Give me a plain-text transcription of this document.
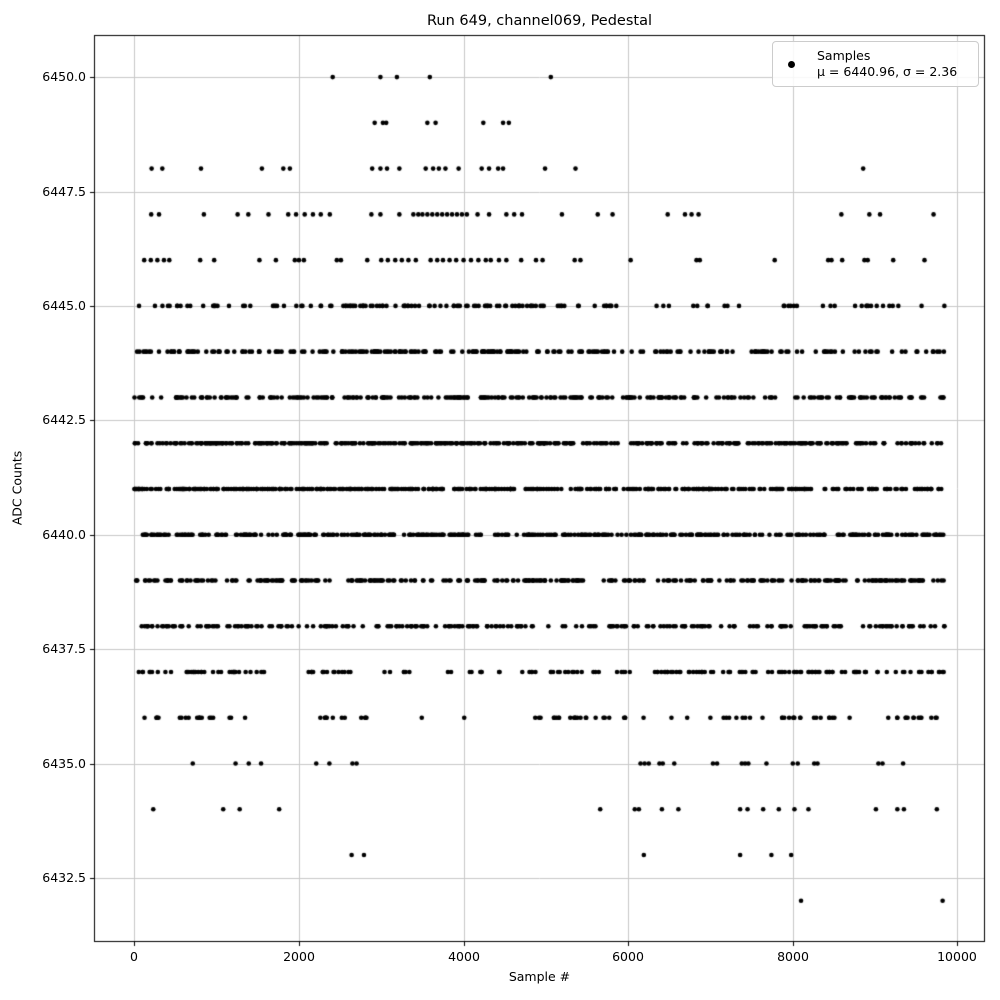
Run 649, channel069, Pedestal
6450.0
6447.5
6445.0
6442.5
6440.0
6437.5
6435.0
6432.5
0	2000	4000	6000	8000	10000
Sample #
ADC Counts
Samples
μ = 6440.96, σ = 2.36
